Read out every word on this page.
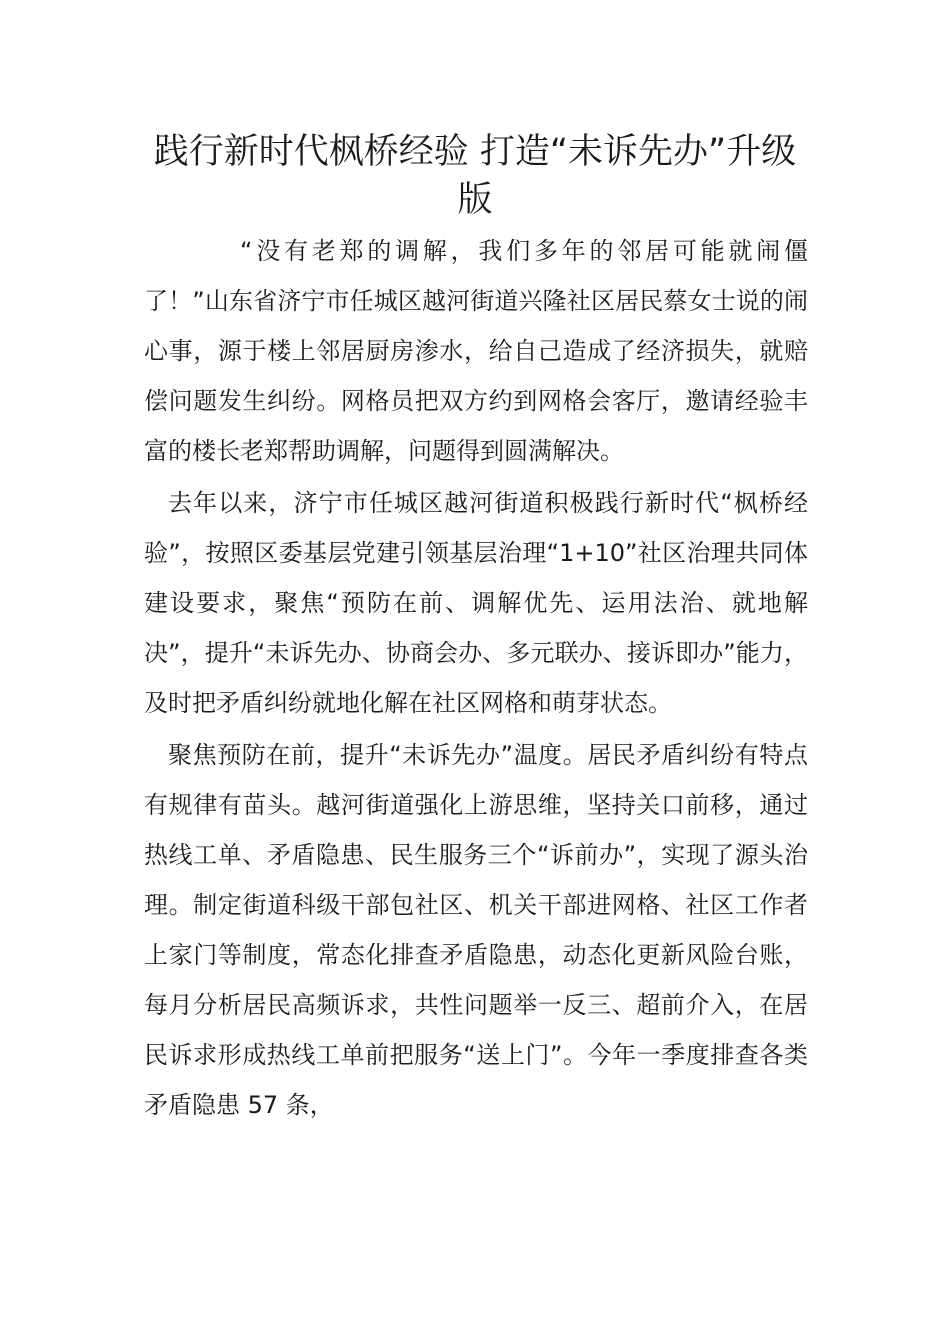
践行新时代枫桥经验 打造“未诉先办”升级版

“没有老郑的调解，我们多年的邻居可能就闹僵了！”山东省济宁市任城区越河街道兴隆社区居民蔡女士说的闹心事，源于楼上邻居厨房渗水，给自己造成了经济损失，就赔偿问题发生纠纷。网格员把双方约到网格会客厅，邀请经验丰富的楼长老郑帮助调解，问题得到圆满解决。

去年以来，济宁市任城区越河街道积极践行新时代“枫桥经验”，按照区委基层党建引领基层治理“1+10”社区治理共同体建设要求，聚焦“预防在前、调解优先、运用法治、就地解决”，提升“未诉先办、协商会办、多元联办、接诉即办”能力，及时把矛盾纠纷就地化解在社区网格和萌芽状态。

聚焦预防在前，提升“未诉先办”温度。居民矛盾纠纷有特点有规律有苗头。越河街道强化上游思维，坚持关口前移，通过热线工单、矛盾隐患、民生服务三个“诉前办”，实现了源头治理。制定街道科级干部包社区、机关干部进网格、社区工作者上家门等制度，常态化排查矛盾隐患，动态化更新风险台账，每月分析居民高频诉求，共性问题举一反三、超前介入，在居民诉求形成热线工单前把服务“送上门”。今年一季度排查各类矛盾隐患 57 条，
